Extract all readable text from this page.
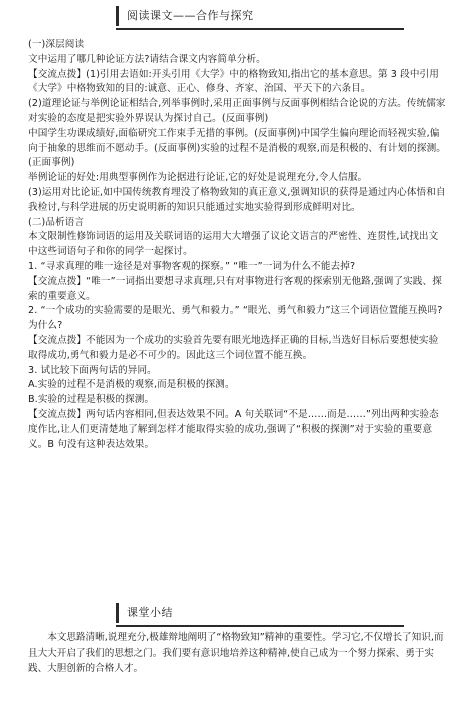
阅读课文——合作与探究

(一)深层阅读

文中运用了哪几种论证方法?请结合课文内容简单分析。

【交流点拨】(1)引用去语如:开头引用《大学》中的格物致知,指出它的基本意思。第 3 段中引用《大学》中格物致知的目的:诚意、正心、修身、齐家、治国、平天下的六条目。

(2)道理论证与举例论证相结合,列举事例时,采用正面事例与反面事例相结合论说的方法。传统儒家对实验的态度是把实验外界误认为探讨自己。(反面事例)

中国学生功课成绩好,面临研究工作束手无措的事例。(反面事例)中国学生偏向理论而轻视实验,偏向于抽象的思维而不愿动手。(反面事例)实验的过程不是消极的观察,而是积极的、有计划的探测。(正面事例)

举例论证的好处:用典型事例作为论据进行论证,它的好处是说理充分,令人信服。

(3)运用对比论证,如中国传统教育埋没了格物致知的真正意义,强调知识的获得是通过内心体悟和自我检讨,与科学进展的历史说明新的知识只能通过实地实验得到形成鲜明对比。

(二)品析语言

本文限制性修饰词语的运用及关联词语的运用大大增强了议论文语言的严密性、连贯性,试找出文中这些词语句子和你的同学一起探讨。

1. “寻求真理的唯一途径是对事物客观的探察。” “唯一”一词为什么不能去掉?

【交流点拨】“唯一”一词指出要想寻求真理,只有对事物进行客观的探索别无他路,强调了实践、探索的重要意义。

2. “一个成功的实验需要的是眼光、勇气和毅力。” “眼光、勇气和毅力”这三个词语位置能互换吗?为什么?

【交流点拨】不能因为一个成功的实验首先要有眼光地选择正确的目标,当选好目标后要想使实验取得成功,勇气和毅力是必不可少的。因此这三个词位置不能互换。

3. 试比较下面两句话的异同。

A.实验的过程不是消极的观察,而是积极的探测。

B.实验的过程是积极的探测。

【交流点拨】两句话内容相同,但表达效果不同。A 句关联词“不是……而是……”列出两种实验态度作比,让人们更清楚地了解到怎样才能取得实验的成功,强调了“积极的探测”对于实验的重要意义。B 句没有这种表达效果。

课堂小结

本文思路清晰,说理充分,极雄辩地阐明了“格物致知”精神的重要性。学习它,不仅增长了知识,而且大大开启了我们的思想之门。我们要有意识地培养这种精神,使自己成为一个努力探索、勇于实践、大胆创新的合格人才。
